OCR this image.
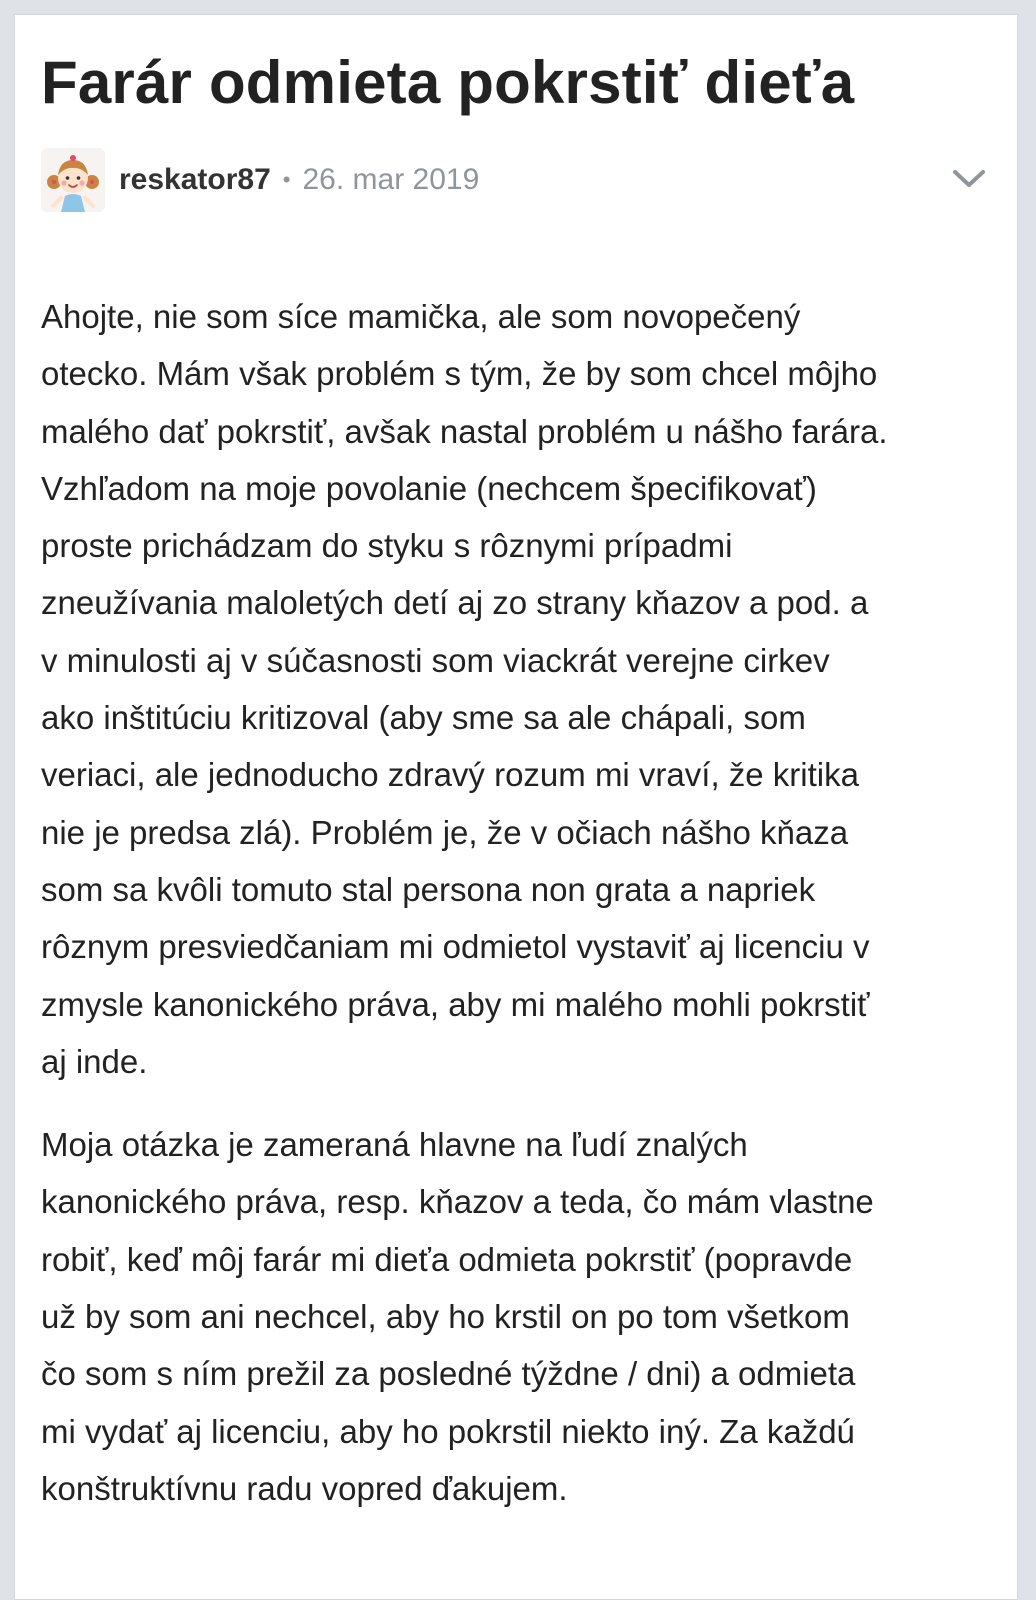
Farár odmieta pokrstiť dieťa
reskator87 • 26. mar 2019

Ahojte, nie som síce mamička, ale som novopečený
otecko. Mám však problém s tým, že by som chcel môjho
malého dať pokrstiť, avšak nastal problém u nášho farára.
Vzhľadom na moje povolanie (nechcem špecifikovať)
proste prichádzam do styku s rôznymi prípadmi
zneužívania maloletých detí aj zo strany kňazov a pod. a
v minulosti aj v súčasnosti som viackrát verejne cirkev
ako inštitúciu kritizoval (aby sme sa ale chápali, som
veriaci, ale jednoducho zdravý rozum mi vraví, že kritika
nie je predsa zlá). Problém je, že v očiach nášho kňaza
som sa kvôli tomuto stal persona non grata a napriek
rôznym presviedčaniam mi odmietol vystaviť aj licenciu v
zmysle kanonického práva, aby mi malého mohli pokrstiť
aj inde.

Moja otázka je zameraná hlavne na ľudí znalých
kanonického práva, resp. kňazov a teda, čo mám vlastne
robiť, keď môj farár mi dieťa odmieta pokrstiť (popravde
už by som ani nechcel, aby ho krstil on po tom všetkom
čo som s ním prežil za posledné týždne / dni) a odmieta
mi vydať aj licenciu, aby ho pokrstil niekto iný. Za každú
konštruktívnu radu vopred ďakujem.
